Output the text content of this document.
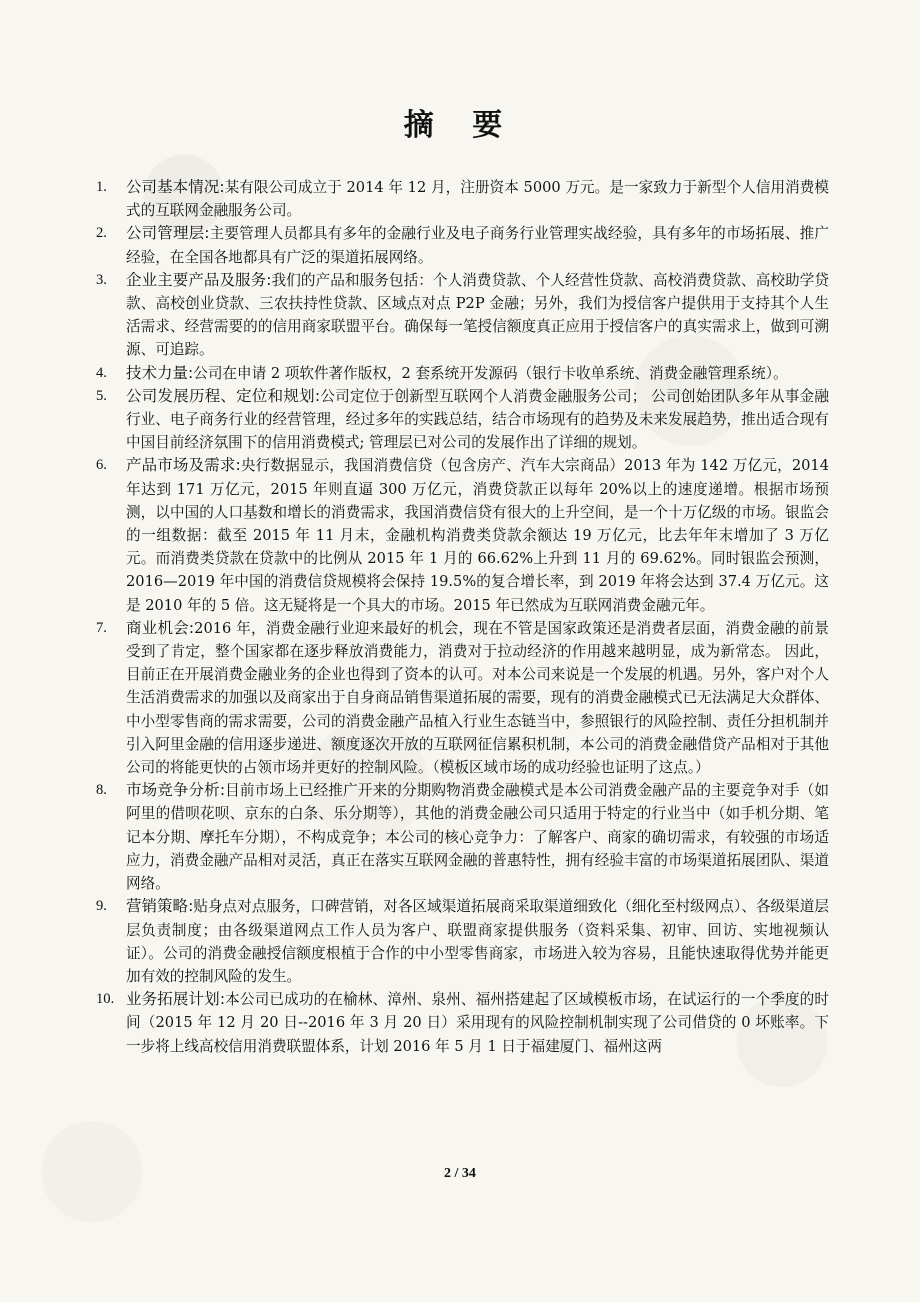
摘 要
1.	公司基本情况:某有限公司成立于 2014 年 12 月，注册资本 5000 万元。是一家致力于新型个人信用消费模式的互联网金融服务公司。
2.	公司管理层:主要管理人员都具有多年的金融行业及电子商务行业管理实战经验，具有多年的市场拓展、推广经验，在全国各地都具有广泛的渠道拓展网络。
3.	企业主要产品及服务:我们的产品和服务包括：个人消费贷款、个人经营性贷款、高校消费贷款、高校助学贷款、高校创业贷款、三农扶持性贷款、区域点对点 P2P 金融；另外，我们为授信客户提供用于支持其个人生活需求、经营需要的的信用商家联盟平台。确保每一笔授信额度真正应用于授信客户的真实需求上，做到可溯源、可追踪。
4.	技术力量:公司在申请 2 项软件著作版权，2 套系统开发源码（银行卡收单系统、消费金融管理系统）。
5.	公司发展历程、定位和规划:公司定位于创新型互联网个人消费金融服务公司； 公司创始团队多年从事金融行业、电子商务行业的经营管理，经过多年的实践总结，结合市场现有的趋势及未来发展趋势，推出适合现有中国目前经济氛围下的信用消费模式; 管理层已对公司的发展作出了详细的规划。
6.	产品市场及需求:央行数据显示，我国消费信贷（包含房产、汽车大宗商品）2013 年为 142 万亿元，2014 年达到 171 万亿元，2015 年则直逼 300 万亿元，消费贷款正以每年 20%以上的速度递增。根据市场预测，以中国的人口基数和增长的消费需求，我国消费信贷有很大的上升空间，是一个十万亿级的市场。银监会的一组数据：截至 2015 年 11 月末，金融机构消费类贷款余额达 19 万亿元，比去年年末增加了 3 万亿元。而消费类贷款在贷款中的比例从 2015 年 1 月的 66.62%上升到 11 月的 69.62%。同时银监会预测，2016—2019 年中国的消费信贷规模将会保持 19.5%的复合增长率，到 2019 年将会达到 37.4 万亿元。这是 2010 年的 5 倍。这无疑将是一个具大的市场。2015 年已然成为互联网消费金融元年。
7.	商业机会:2016 年，消费金融行业迎来最好的机会，现在不管是国家政策还是消费者层面，消费金融的前景受到了肯定，整个国家都在逐步释放消费能力，消费对于拉动经济的作用越来越明显，成为新常态。 因此，目前正在开展消费金融业务的企业也得到了资本的认可。对本公司来说是一个发展的机遇。另外，客户对个人生活消费需求的加强以及商家出于自身商品销售渠道拓展的需要，现有的消费金融模式已无法满足大众群体、中小型零售商的需求需要，公司的消费金融产品植入行业生态链当中，参照银行的风险控制、责任分担机制并引入阿里金融的信用逐步递进、额度逐次开放的互联网征信累积机制，本公司的消费金融借贷产品相对于其他公司的将能更快的占领市场并更好的控制风险。（模板区域市场的成功经验也证明了这点。）
8.	市场竞争分析:目前市场上已经推广开来的分期购物消费金融模式是本公司消费金融产品的主要竞争对手（如阿里的借呗花呗、京东的白条、乐分期等），其他的消费金融公司只适用于特定的行业当中（如手机分期、笔记本分期、摩托车分期），不构成竞争；本公司的核心竞争力：了解客户、商家的确切需求，有较强的市场适应力，消费金融产品相对灵活，真正在落实互联网金融的普惠特性，拥有经验丰富的市场渠道拓展团队、渠道网络。
9.	营销策略:贴身点对点服务，口碑营销，对各区域渠道拓展商采取渠道细致化（细化至村级网点）、各级渠道层层负责制度；由各级渠道网点工作人员为客户、联盟商家提供服务（资料采集、初审、回访、实地视频认证）。公司的消费金融授信额度根植于合作的中小型零售商家，市场进入较为容易，且能快速取得优势并能更加有效的控制风险的发生。
10. 业务拓展计划:本公司已成功的在榆林、漳州、泉州、福州搭建起了区域模板市场，在试运行的一个季度的时间（2015 年 12 月 20 日--2016 年 3 月 20 日）采用现有的风险控制机制实现了公司借贷的 0 坏账率。下一步将上线高校信用消费联盟体系，计划 2016 年 5 月 1 日于福建厦门、福州这两
2 / 34
